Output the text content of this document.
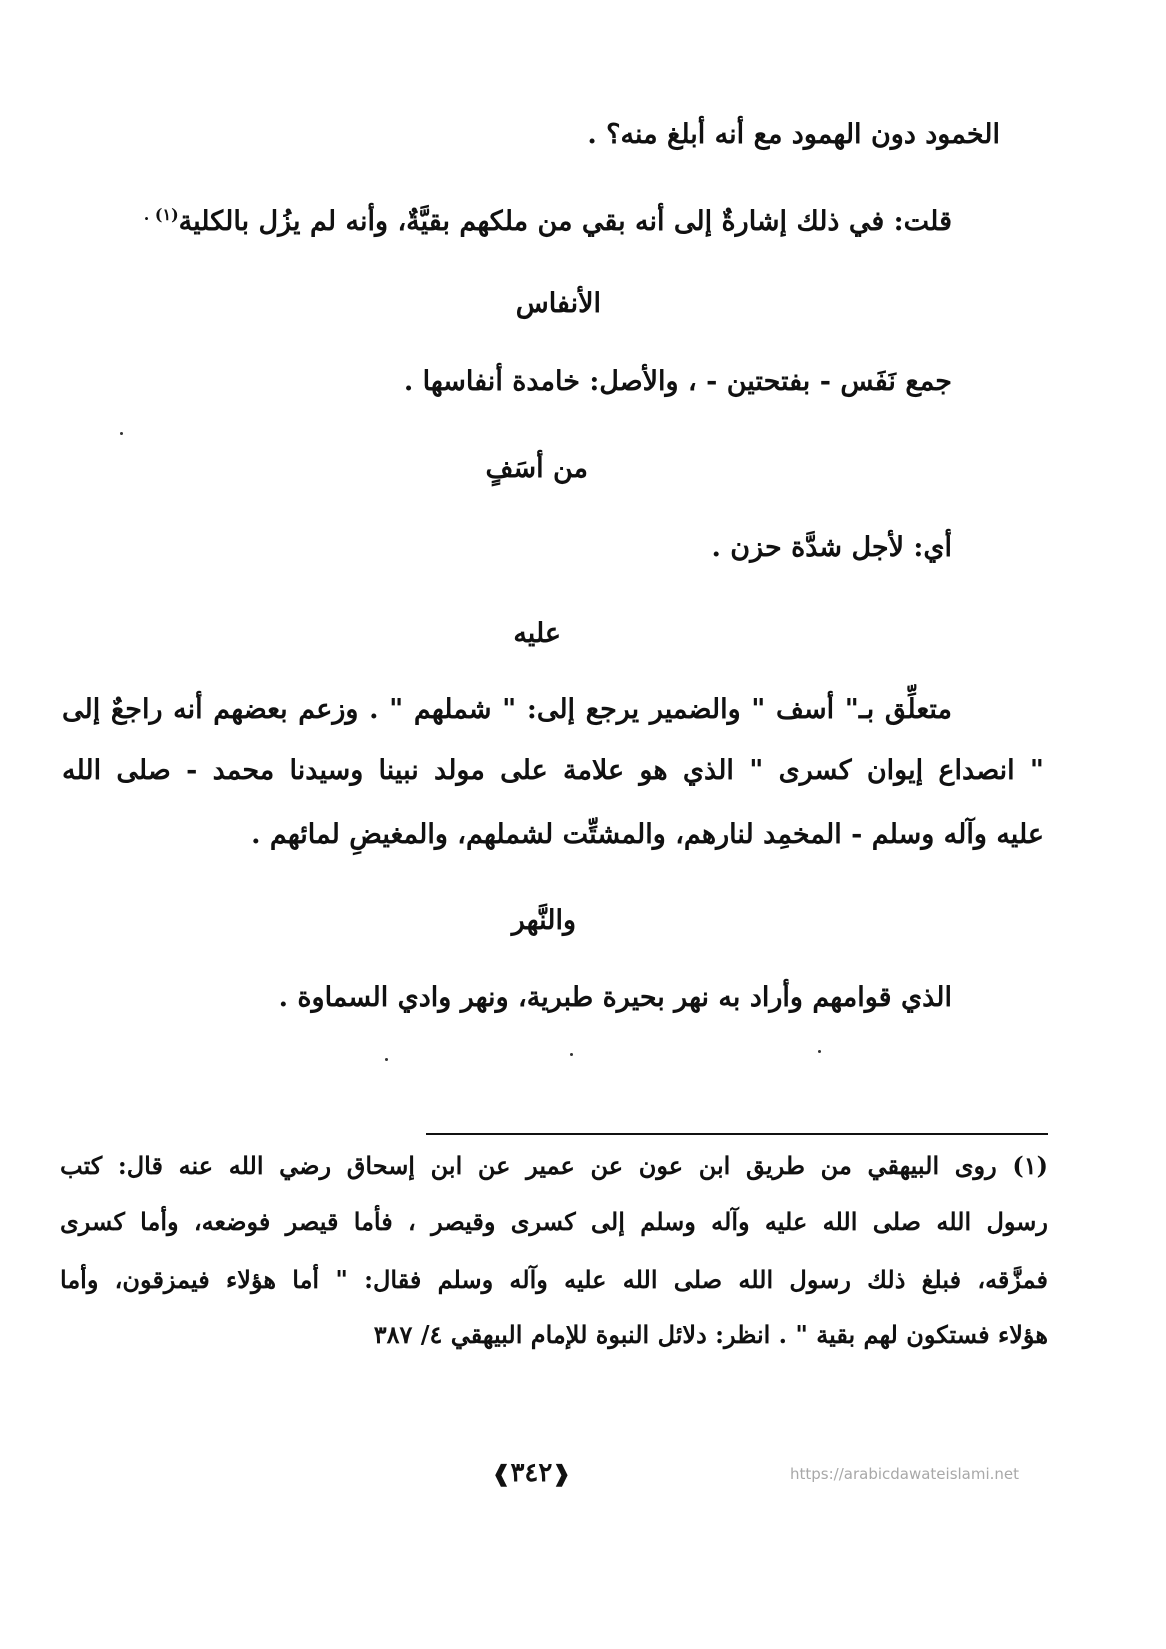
الخمود دون الهمود مع أنه أبلغ منه؟ .
قلت: في ذلك إشارةٌ إلى أنه بقي من ملكهم بقيَّةٌ، وأنه لم يزُل بالكلية$^{(١) .}$
الأنفاس
جمع نَفَس - بفتحتين - ، والأصل: خامدة أنفاسها .
من أسَفٍ
أي: لأجل شدَّة حزن .
عليه
متعلِّق بـ" أسف " والضمير يرجع إلى: " شملهم " . وزعم بعضهم أنه راجعٌ إلى
" انصداع إيوان كسرى " الذي هو علامة على مولد نبينا وسيدنا محمد - صلى الله
عليه وآله وسلم - المخمِد لنارهم، والمشتِّت لشملهم، والمغيضِ لمائهم .
والنَّهر
الذي قوامهم وأراد به نهر بحيرة طبرية، ونهر وادي السماوة .
(١) روى البيهقي من طريق ابن عون عن عمير عن ابن إسحاق رضي الله عنه قال: كتب
رسول الله صلى الله عليه وآله وسلم إلى كسرى وقيصر ، فأما قيصر فوضعه، وأما كسرى
فمزَّقه، فبلغ ذلك رسول الله صلى الله عليه وآله وسلم فقال: " أما هؤلاء فيمزقون، وأما
هؤلاء فستكون لهم بقية " . انظر: دلائل النبوة للإمام البيهقي ٤/ ٣٨٧
❰٣٤٢❱	https://arabicdawateislami.net
